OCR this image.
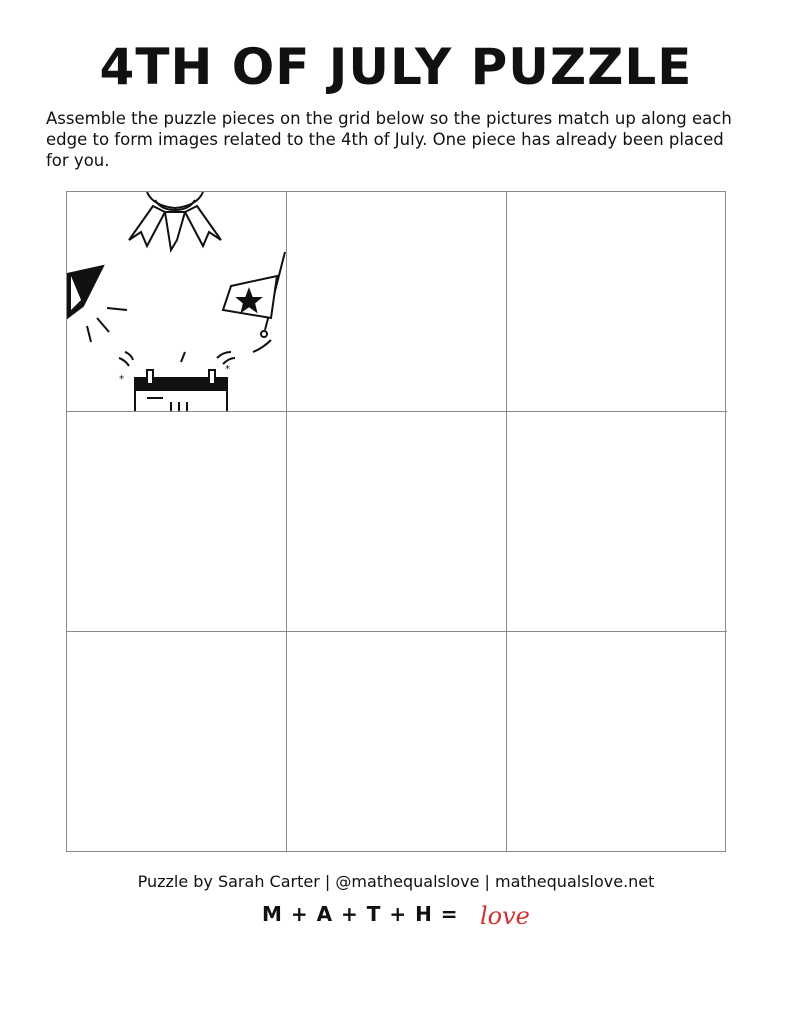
4TH OF JULY PUZZLE

Assemble the puzzle pieces on the grid below so the pictures match up along each edge to form images related to the 4th of July. One piece has already been placed for you.

*
*
Puzzle by Sarah Carter | @mathequalslove | mathequalslove.net
M + A + T + H = love
